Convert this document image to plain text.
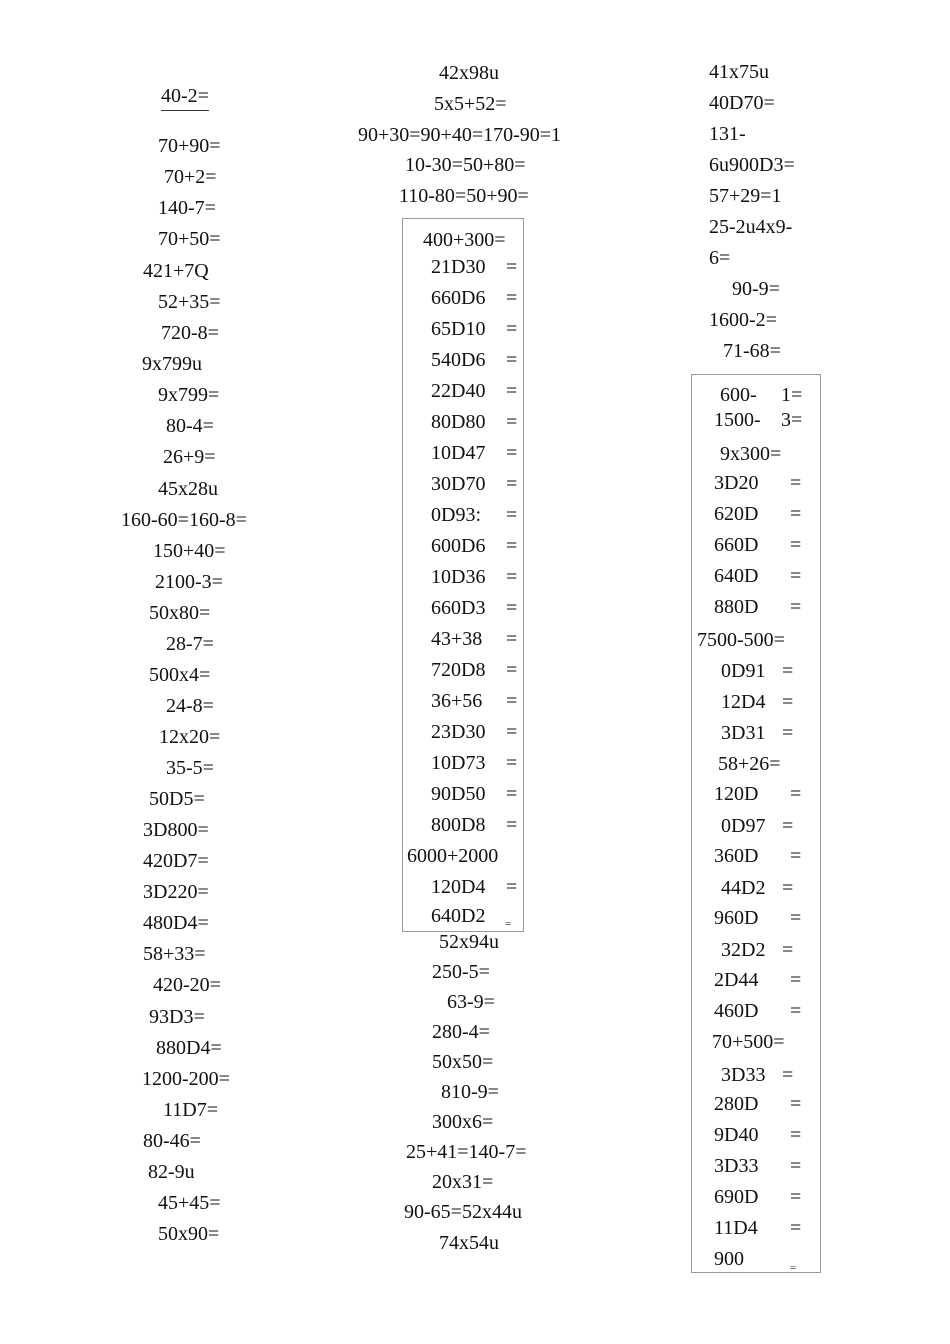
40-2=
70+90=
70+2=
140-7=
70+50=
421+7Q
52+35=
720-8=
9x799u
9x799=
80-4=
26+9=
45x28u
160-60=160-8=
150+40=
2100-3=
50x80=
28-7=
500x4=
24-8=
12x20=
35-5=
50D5=
3D800=
420D7=
3D220=
480D4=
58+33=
420-20=
93D3=
880D4=
1200-200=
11D7=
80-46=
82-9u
45+45=
50x90=
42x98u
5x5+52=
90+30=90+40=170-90=1
10-30=50+80=
110-80=50+90=
400+300=
21D30
660D6
65D10
540D6
22D40
80D80
10D47
30D70
0D93:
600D6
10D36
660D3
43+38
720D8
36+56
23D30
10D73
90D50
800D8
6000+2000
120D4
640D2
=
=
=
=
=
=
=
=
=
=
=
=
=
=
=
=
=
=
=
=
=
52x94u
250-5=
63-9=
280-4=
50x50=
810-9=
300x6=
25+41=140-7=
20x31=
90-65=52x44u
74x54u
41x75u
40D70=
131-
6u900D3=
57+29=1
25-2u4x9-
6=
90-9=
1600-2=
71-68=
600- 1=
1500- 3=
9x300=
3D20
620D
660D
640D
880D
7500-500=
0D91
12D4
3D31
58+26=
120D
0D97
360D
44D2
960D
32D2
2D44
460D
70+500=
3D33
280D
9D40
3D33
690D
11D4
900
=
=
=
=
=
=
=
=
=
=
=
=
=
=
=
=
=
=
=
=
=
=
=
